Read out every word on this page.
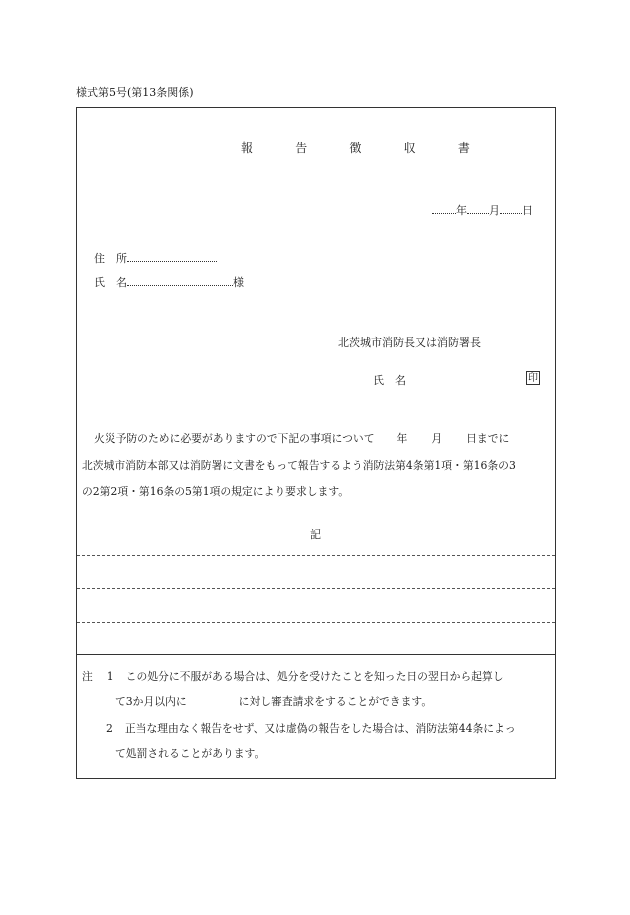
様式第5号(第13条関係)
報 告 徴 収 書
年 月 日
住　所
氏　名	様
北茨城市消防長又は消防署長
氏　名	印
火災予防のために必要がありますので下記の事項について 年 月 日までに
北茨城市消防本部又は消防署に文書をもって報告するよう消防法第4条第1項・第16条の3
の2第2項・第16条の5第1項の規定により要求します。
記
注 1 この処分に不服がある場合は、処分を受けたことを知った日の翌日から起算し
て3か月以内に	に対し審査請求をすることができます。
2 正当な理由なく報告をせず、又は虚偽の報告をした場合は、消防法第44条によっ
て処罰されることがあります。
